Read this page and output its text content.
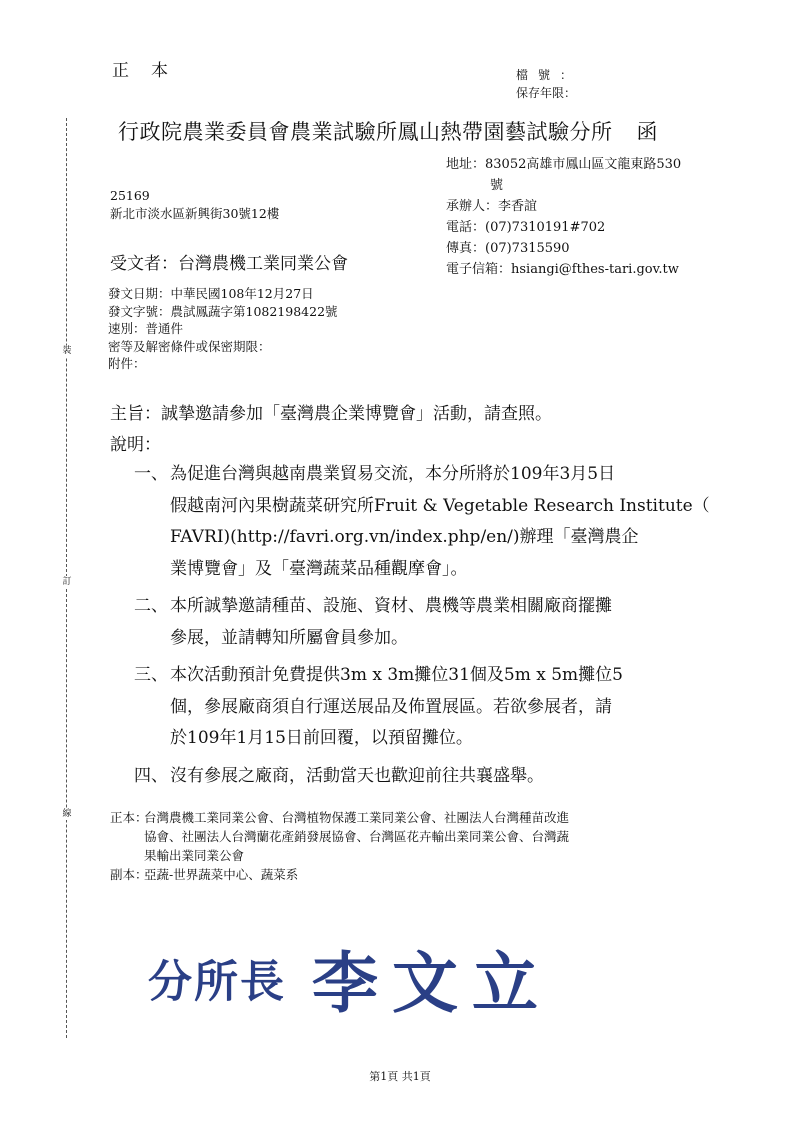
裝
訂
線
正本	檔號：
保存年限：
行政院農業委員會農業試驗所鳳山熱帶園藝試驗分所 函
地址：83052高雄市鳳山區文龍東路530
號
承辦人：李香誼
電話：(07)7310191#702
傳真：(07)7315590
電子信箱：hsiangi@fthes-tari.gov.tw
25169
新北市淡水區新興街30號12樓
受文者：台灣農機工業同業公會
發文日期：中華民國108年12月27日
發文字號：農試鳳蔬字第1082198422號
速別：普通件
密等及解密條件或保密期限：
附件：
主旨：誠摯邀請參加「臺灣農企業博覽會」活動，請查照。
說明：
一、 為促進台灣與越南農業貿易交流，本分所將於109年3月5日
假越南河內果樹蔬菜研究所Fruit & Vegetable Research Institute（
FAVRI)(http://favri.org.vn/index.php/en/)辦理「臺灣農企
業博覽會」及「臺灣蔬菜品種觀摩會」。
二、 本所誠摯邀請種苗、設施、資材、農機等農業相關廠商擺攤
參展，並請轉知所屬會員參加。
三、 本次活動預計免費提供3m x 3m攤位31個及5m x 5m攤位5
個，參展廠商須自行運送展品及佈置展區。若欲參展者，請
於109年1月15日前回覆，以預留攤位。
四、 沒有參展之廠商，活動當天也歡迎前往共襄盛舉。
正本：
台灣農機工業同業公會、台灣植物保護工業同業公會、社團法人台灣種苗改進
協會、社團法人台灣蘭花產銷發展協會、台灣區花卉輸出業同業公會、台灣蔬
果輸出業同業公會
副本：
亞蔬-世界蔬菜中心、蔬菜系
分所長 李文立
第1頁 共1頁
